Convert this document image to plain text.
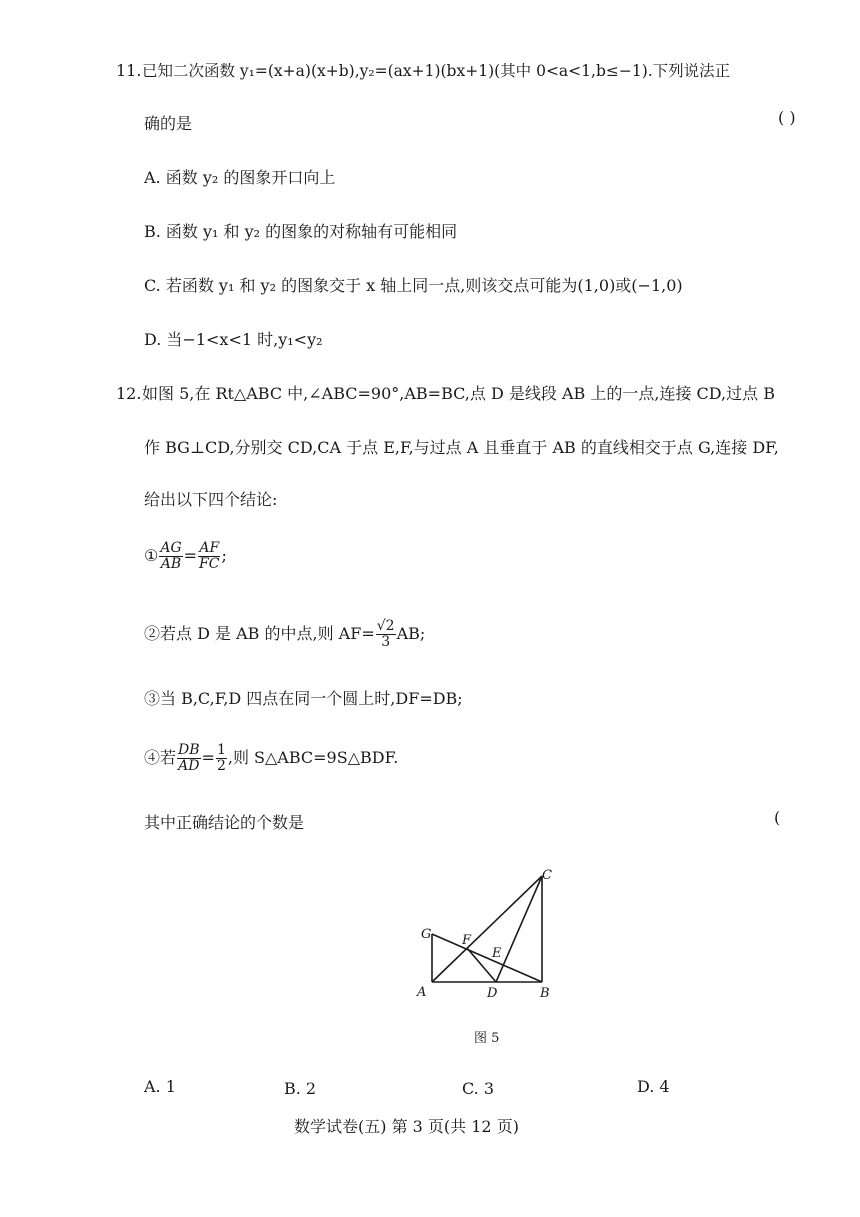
11. 已知二次函数 y₁=(x+a)(x+b),y₂=(ax+1)(bx+1)(其中 0<a<1,b≤−1).下列说法正
确的是	( )
A. 函数 y₂ 的图象开口向上
B. 函数 y₁ 和 y₂ 的图象的对称轴有可能相同
C. 若函数 y₁ 和 y₂ 的图象交于 x 轴上同一点,则该交点可能为(1,0)或(−1,0)
D. 当−1<x<1 时,y₁<y₂
12. 如图 5,在 Rt△ABC 中,∠ABC=90°,AB=BC,点 D 是线段 AB 上的一点,连接 CD,过点 B
作 BG⊥CD,分别交 CD,CA 于点 E,F,与过点 A 且垂直于 AB 的直线相交于点 G,连接 DF,
给出以下四个结论:
① $\frac{AG}{AB} = \frac{AF}{FC}$ ;
②若点 D 是 AB 的中点,则 $AF= \frac{√2}{3}$ AB;
③当 B,C,F,D 四点在同一个圆上时,DF=DB;
④若 $\frac{DB}{AD} = \frac{1}{2}$ ,则 S△ABC=9S△BDF.
其中正确结论的个数是	(
A	B
C
D
E
F
G
图 5
A. 1	B. 2	C. 3	D. 4
数学试卷(五) 第 3 页(共 12 页)
